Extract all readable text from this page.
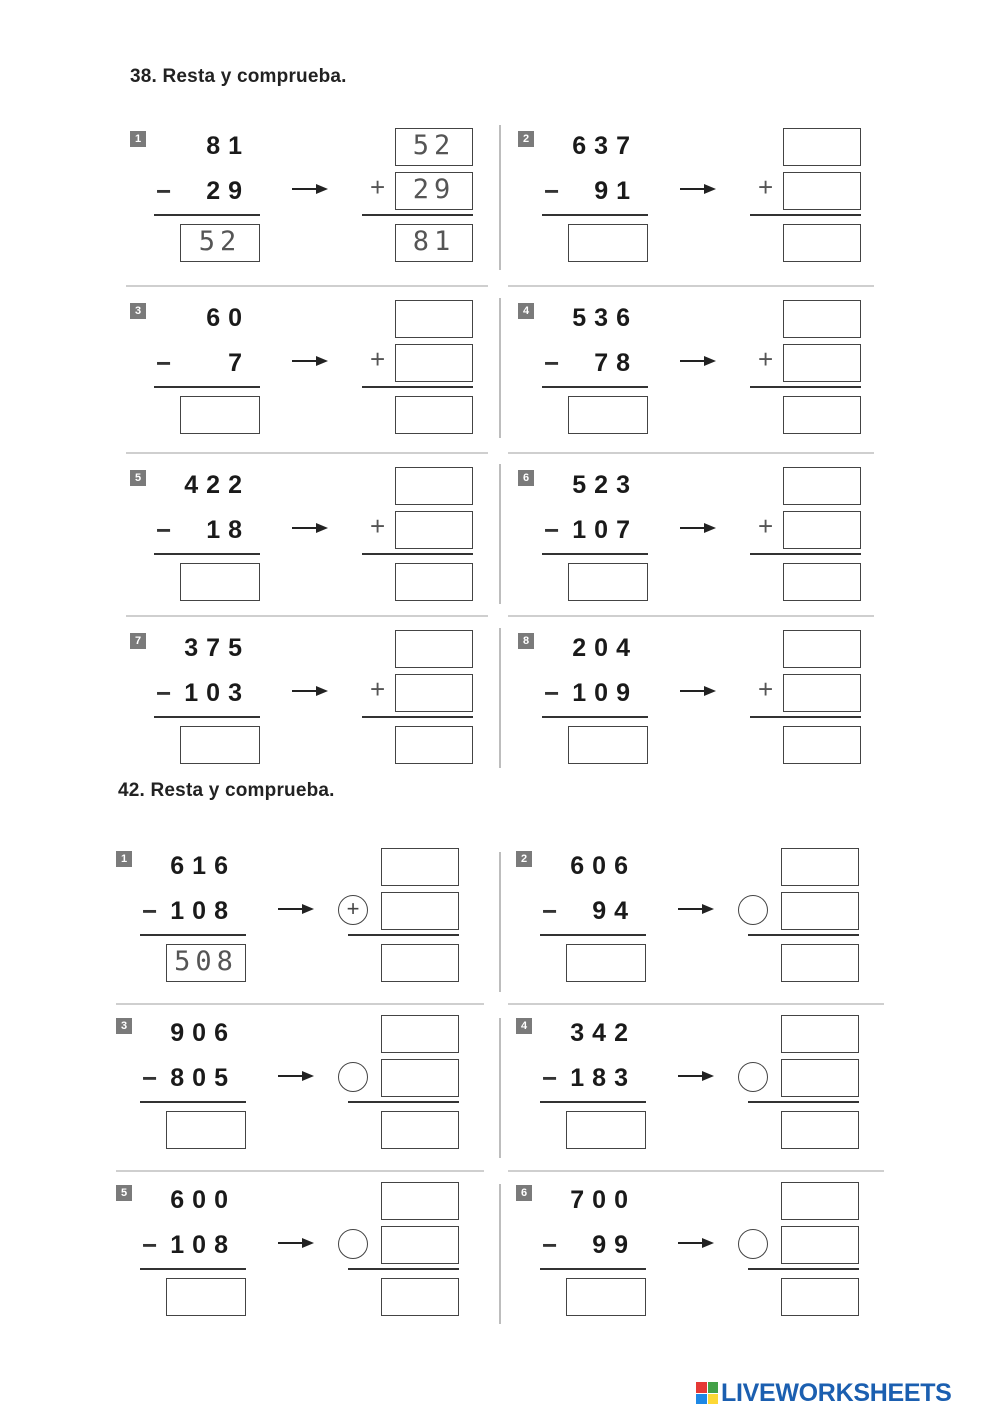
38. Resta y comprueba.
42. Resta y comprueba.
1	81
−	29
52
52
+	29
81
2	637
−	91	+
3	60
−	7	+
4	536
−	78	+
5	422
−	18	+
6	523
− 107	+
7	375
− 103	+
8	204
− 109	+
1	616
− 108
508
+
2	606
−	94
3	906
− 805
4	342
− 183
5	600
− 108
6	700
−	99
LIVEWORKSHEETS
